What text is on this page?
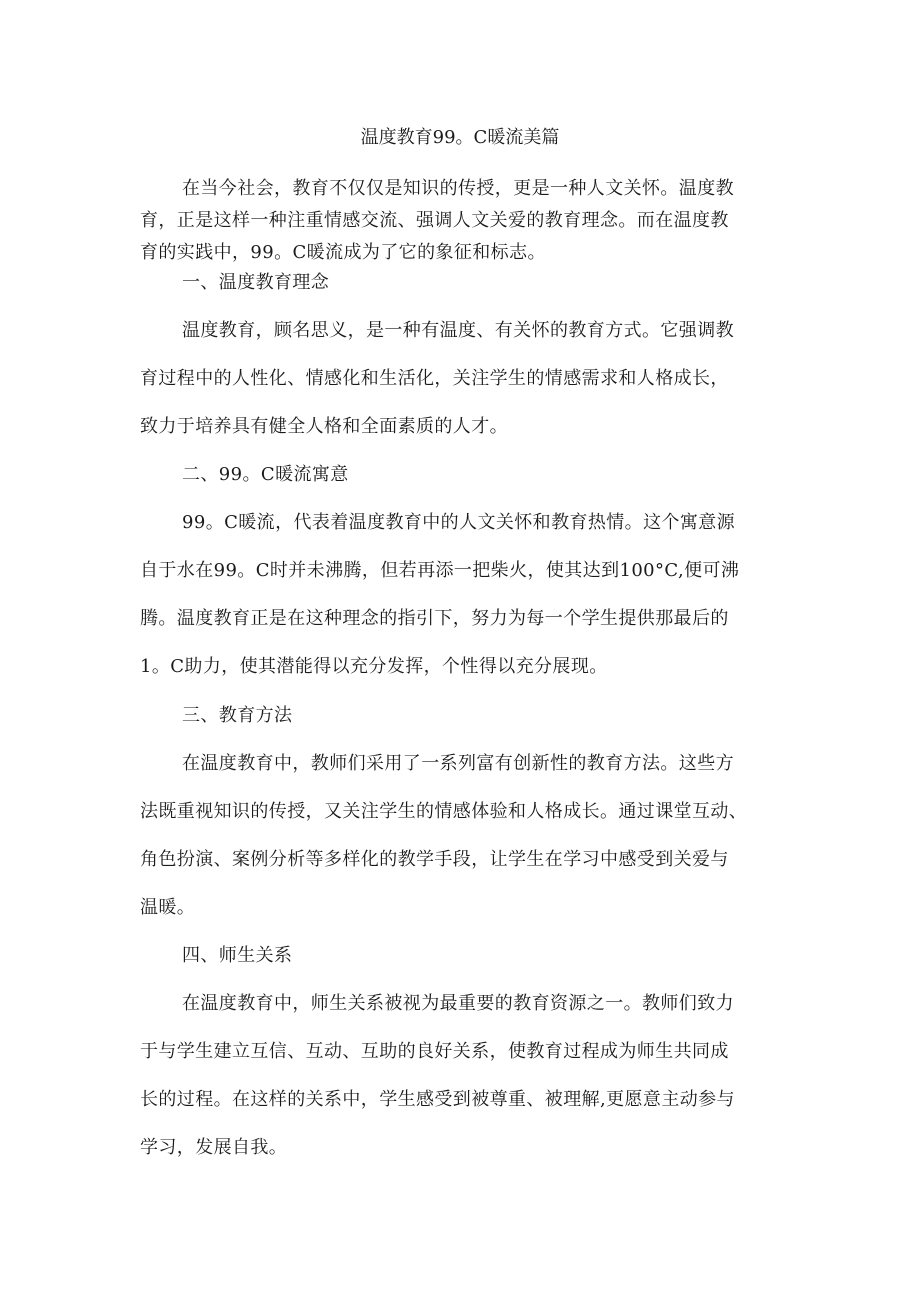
温度教育99。C暖流美篇

在当今社会，教育不仅仅是知识的传授，更是一种人文关怀。温度教
育，正是这样一种注重情感交流、强调人文关爱的教育理念。而在温度教
育的实践中，99。C暖流成为了它的象征和标志。

一、温度教育理念

温度教育，顾名思义，是一种有温度、有关怀的教育方式。它强调教
育过程中的人性化、情感化和生活化，关注学生的情感需求和人格成长，
致力于培养具有健全人格和全面素质的人才。

二、99。C暖流寓意

99。C暖流，代表着温度教育中的人文关怀和教育热情。这个寓意源
自于水在99。C时并未沸腾，但若再添一把柴火，使其达到100°C,便可沸
腾。温度教育正是在这种理念的指引下，努力为每一个学生提供那最后的
1。C助力，使其潜能得以充分发挥，个性得以充分展现。

三、教育方法

在温度教育中，教师们采用了一系列富有创新性的教育方法。这些方
法既重视知识的传授，又关注学生的情感体验和人格成长。通过课堂互动、
角色扮演、案例分析等多样化的教学手段，让学生在学习中感受到关爱与
温暖。

四、师生关系

在温度教育中，师生关系被视为最重要的教育资源之一。教师们致力
于与学生建立互信、互动、互助的良好关系，使教育过程成为师生共同成
长的过程。在这样的关系中，学生感受到被尊重、被理解,更愿意主动参与
学习，发展自我。
